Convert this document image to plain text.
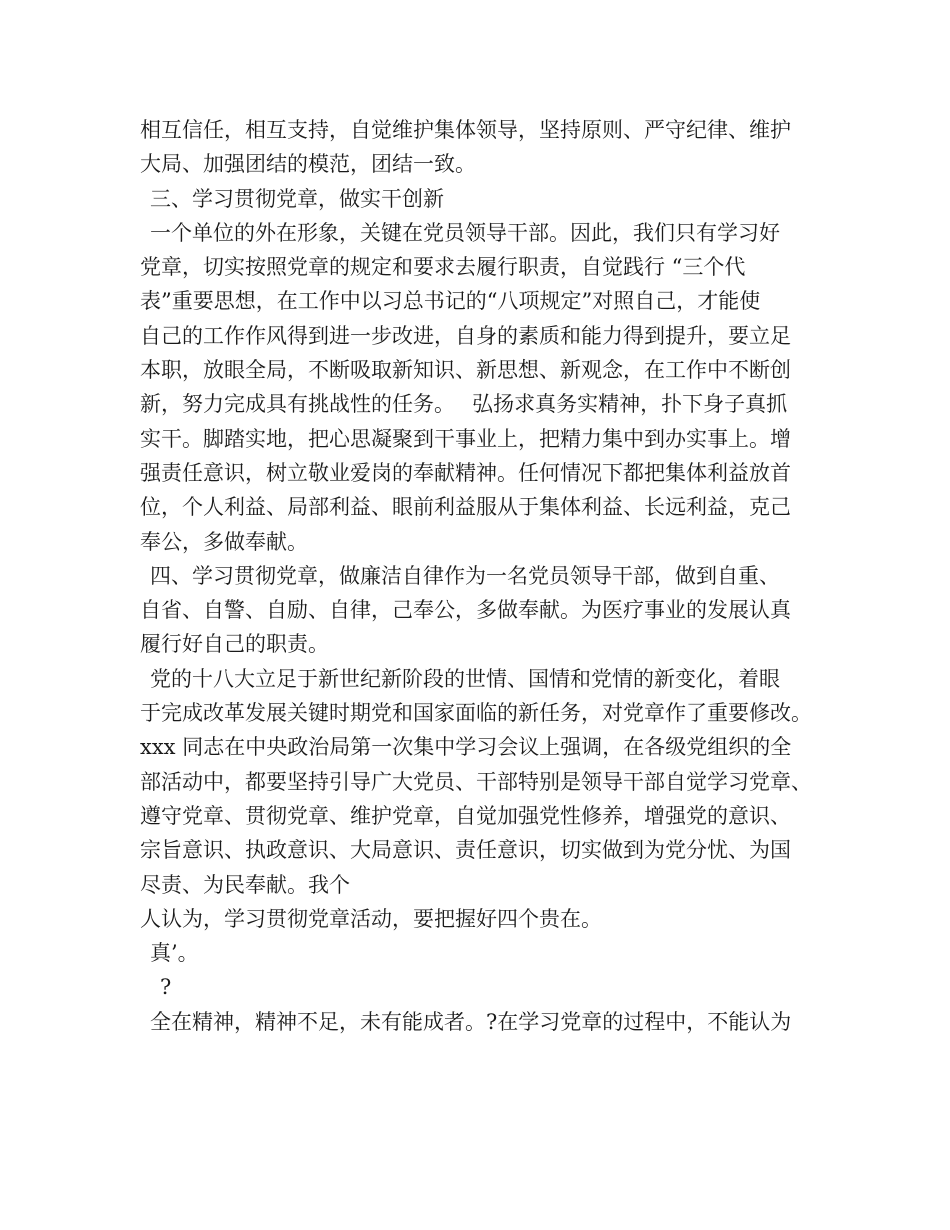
相互信任，相互支持，自觉维护集体领导，坚持原则、严守纪律、维护
大局、加强团结的模范，团结一致。
三、学习贯彻党章，做实干创新
一个单位的外在形象，关键在党员领导干部。因此，我们只有学习好
党章，切实按照党章的规定和要求去履行职责，自觉践行 “三个代
表”重要思想，在工作中以习总书记的“八项规定”对照自己，才能使
自己的工作作风得到进一步改进，自身的素质和能力得到提升，要立足
本职，放眼全局，不断吸取新知识、新思想、新观念，在工作中不断创
新，努力完成具有挑战性的任务。　 弘扬求真务实精神，扑下身子真抓
实干。脚踏实地，把心思凝聚到干事业上，把精力集中到办实事上。增
强责任意识，树立敬业爱岗的奉献精神。任何情况下都把集体利益放首
位，个人利益、局部利益、眼前利益服从于集体利益、长远利益，克己
奉公，多做奉献。
四、学习贯彻党章，做廉洁自律作为一名党员领导干部，做到自重、
自省、自警、自励、自律，己奉公，多做奉献。为医疗事业的发展认真
履行好自己的职责。
党的十八大立足于新世纪新阶段的世情、国情和党情的新变化，着眼
于完成改革发展关键时期党和国家面临的新任务，对党章作了重要修改。
xxx 同志在中央政治局第一次集中学习会议上强调，在各级党组织的全
部活动中，都要坚持引导广大党员、干部特别是领导干部自觉学习党章、
遵守党章、贯彻党章、维护党章，自觉加强党性修养，增强党的意识、
宗旨意识、执政意识、大局意识、责任意识，切实做到为党分忧、为国
尽责、为民奉献。我个
人认为，学习贯彻党章活动，要把握好四个贵在。
真’。
?
全在精神，精神不足，未有能成者。?在学习党章的过程中，不能认为
